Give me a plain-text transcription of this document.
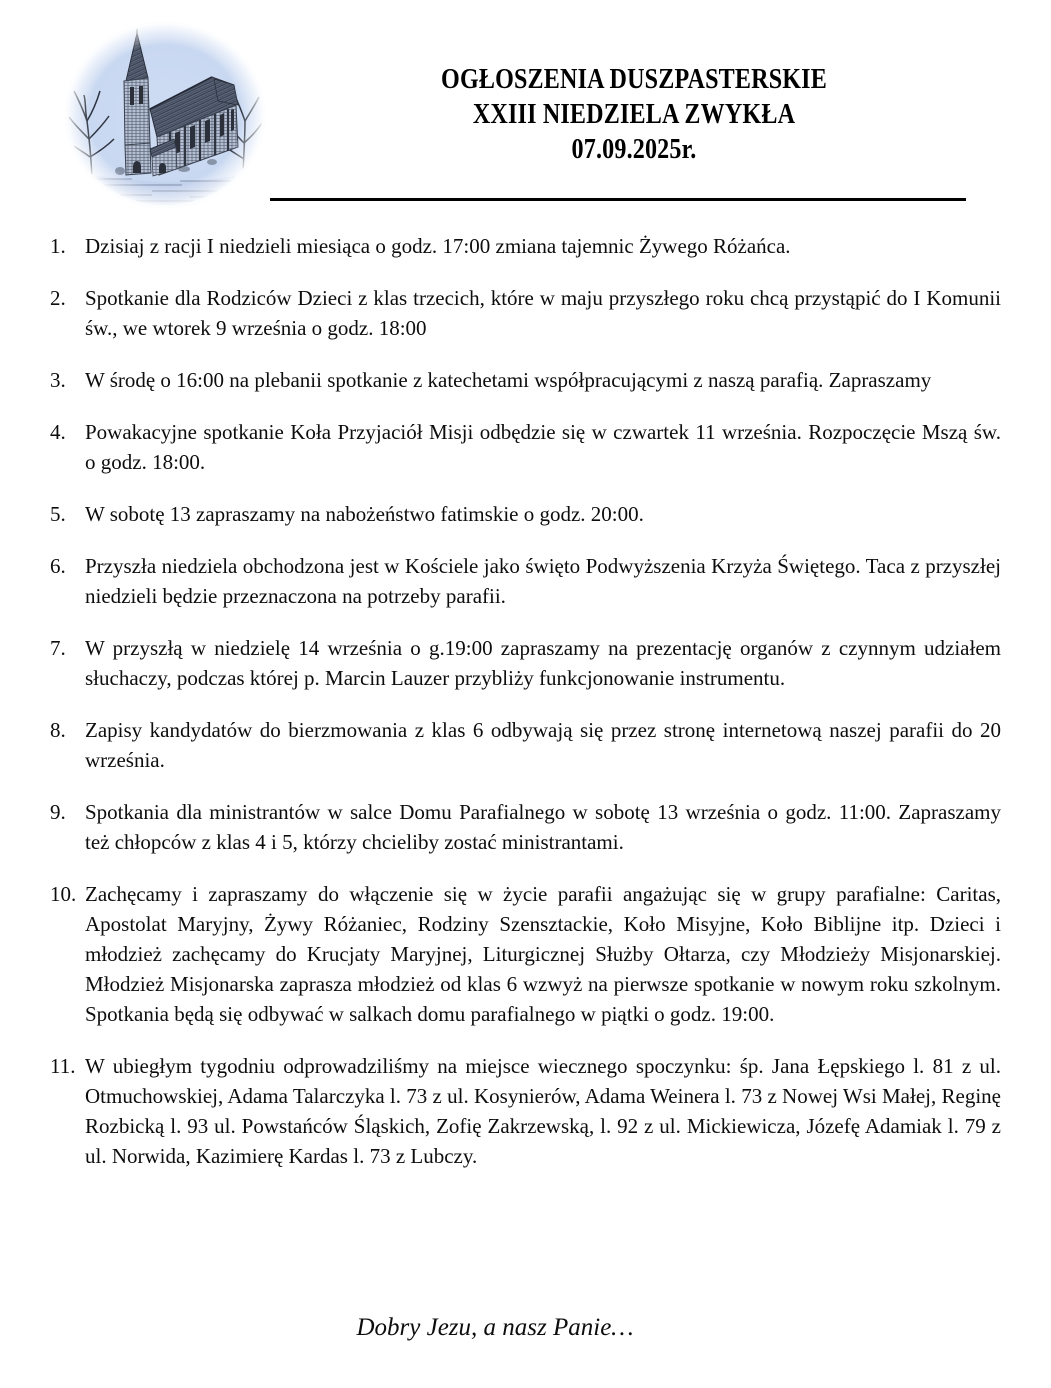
OGŁOSZENIA DUSZPASTERSKIE
XXIII NIEDZIELA ZWYKŁA
07.09.2025r.
1. Dzisiaj z racji I niedzieli miesiąca o godz. 17:00 zmiana tajemnic Żywego Różańca.
2. Spotkanie dla Rodziców Dzieci z klas trzecich, które w maju przyszłego roku chcą przystąpić do I Komunii św., we wtorek 9 września o godz. 18:00
3. W środę o 16:00 na plebanii spotkanie z katechetami współpracującymi z naszą parafią. Zapraszamy
4. Powakacyjne spotkanie Koła Przyjaciół Misji odbędzie się w czwartek 11 września. Rozpoczęcie Mszą św. o godz. 18:00.
5. W sobotę 13 zapraszamy na nabożeństwo fatimskie o godz. 20:00.
6. Przyszła niedziela obchodzona jest w Kościele jako święto Podwyższenia Krzyża Świętego. Taca z przyszłej niedzieli będzie przeznaczona na potrzeby parafii.
7. W przyszłą w niedzielę 14 września o g.19:00 zapraszamy na prezentację organów z czynnym udziałem słuchaczy, podczas której p. Marcin Lauzer przybliży funkcjonowanie instrumentu.
8. Zapisy kandydatów do bierzmowania z klas 6 odbywają się przez stronę internetową naszej parafii do 20 września.
9. Spotkania dla ministrantów w salce Domu Parafialnego w sobotę 13 września o godz. 11:00. Zapraszamy też chłopców z klas 4 i 5, którzy chcieliby zostać ministrantami.
10. Zachęcamy i zapraszamy do włączenie się w życie parafii angażując się w grupy parafialne: Caritas, Apostolat Maryjny, Żywy Różaniec, Rodziny Szensztackie, Koło Misyjne, Koło Biblijne itp. Dzieci i młodzież zachęcamy do Krucjaty Maryjnej, Liturgicznej Służby Ołtarza, czy Młodzieży Misjonarskiej. Młodzież Misjonarska zaprasza młodzież od klas 6 wzwyż na pierwsze spotkanie w nowym roku szkolnym. Spotkania będą się odbywać w salkach domu parafialnego w piątki o godz. 19:00.
11. W ubiegłym tygodniu odprowadziliśmy na miejsce wiecznego spoczynku: śp. Jana Łępskiego l. 81 z ul. Otmuchowskiej, Adama Talarczyka l. 73 z ul. Kosynierów, Adama Weinera l. 73 z Nowej Wsi Małej, Reginę Rozbicką l. 93 ul. Powstańców Śląskich, Zofię Zakrzewską, l. 92 z ul. Mickiewicza, Józefę Adamiak l. 79 z ul. Norwida, Kazimierę Kardas l. 73 z Lubczy.
Dobry Jezu, a nasz Panie…
